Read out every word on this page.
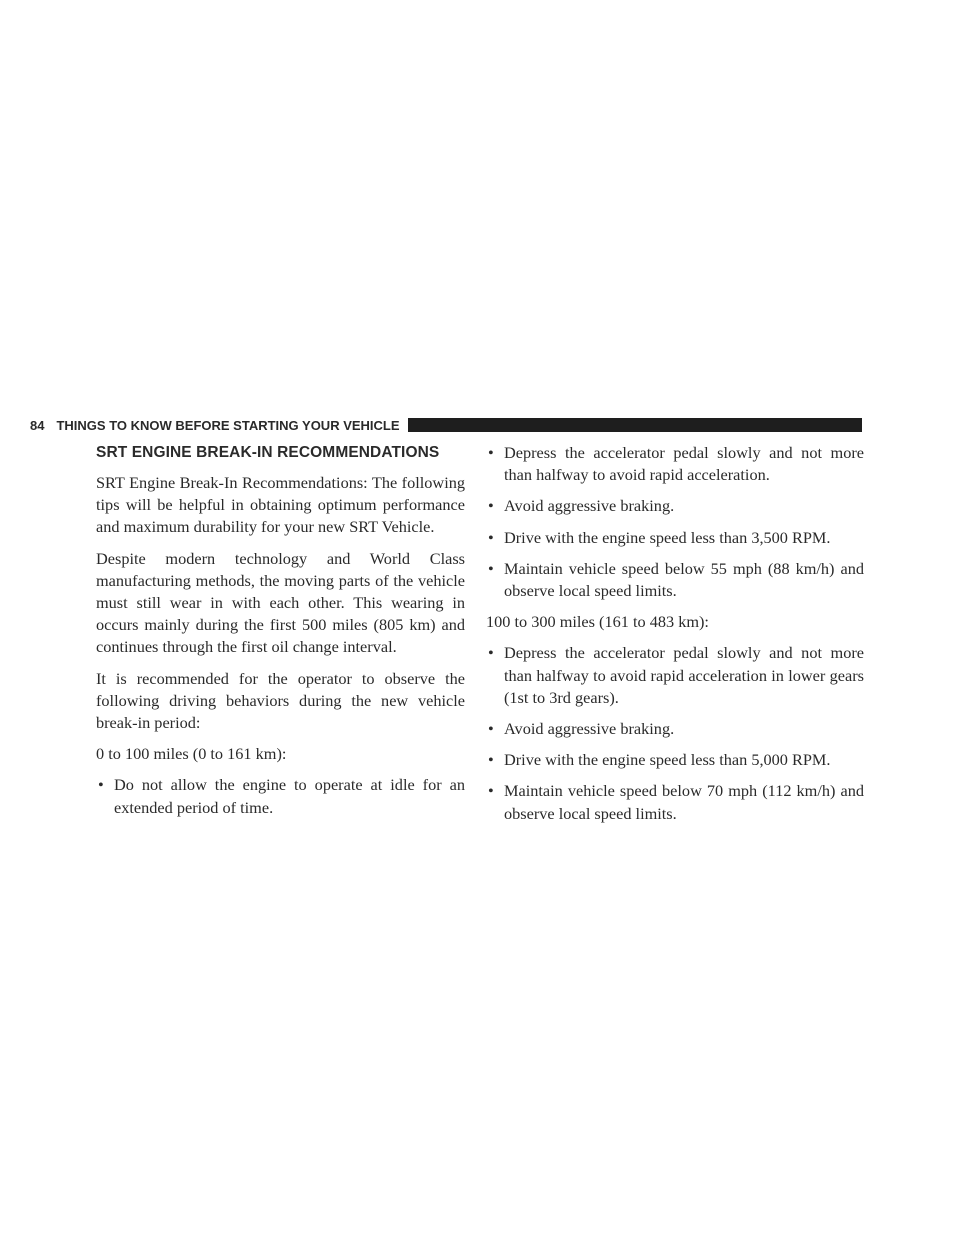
84 THINGS TO KNOW BEFORE STARTING YOUR VEHICLE
SRT ENGINE BREAK-IN RECOMMENDATIONS

SRT Engine Break-In Recommendations: The following tips will be helpful in obtaining optimum performance and maximum durability for your new SRT Vehicle.

Despite modern technology and World Class manufacturing methods, the moving parts of the vehicle must still wear in with each other. This wearing in occurs mainly during the first 500 miles (805 km) and continues through the first oil change interval.

It is recommended for the operator to observe the following driving behaviors during the new vehicle break-in period:

0 to 100 miles (0 to 161 km):
• Do not allow the engine to operate at idle for an extended period of time.
• Depress the accelerator pedal slowly and not more than halfway to avoid rapid acceleration.
• Avoid aggressive braking.
• Drive with the engine speed less than 3,500 RPM.
• Maintain vehicle speed below 55 mph (88 km/h) and observe local speed limits.
100 to 300 miles (161 to 483 km):
• Depress the accelerator pedal slowly and not more than halfway to avoid rapid acceleration in lower gears (1st to 3rd gears).
• Avoid aggressive braking.
• Drive with the engine speed less than 5,000 RPM.
• Maintain vehicle speed below 70 mph (112 km/h) and observe local speed limits.
